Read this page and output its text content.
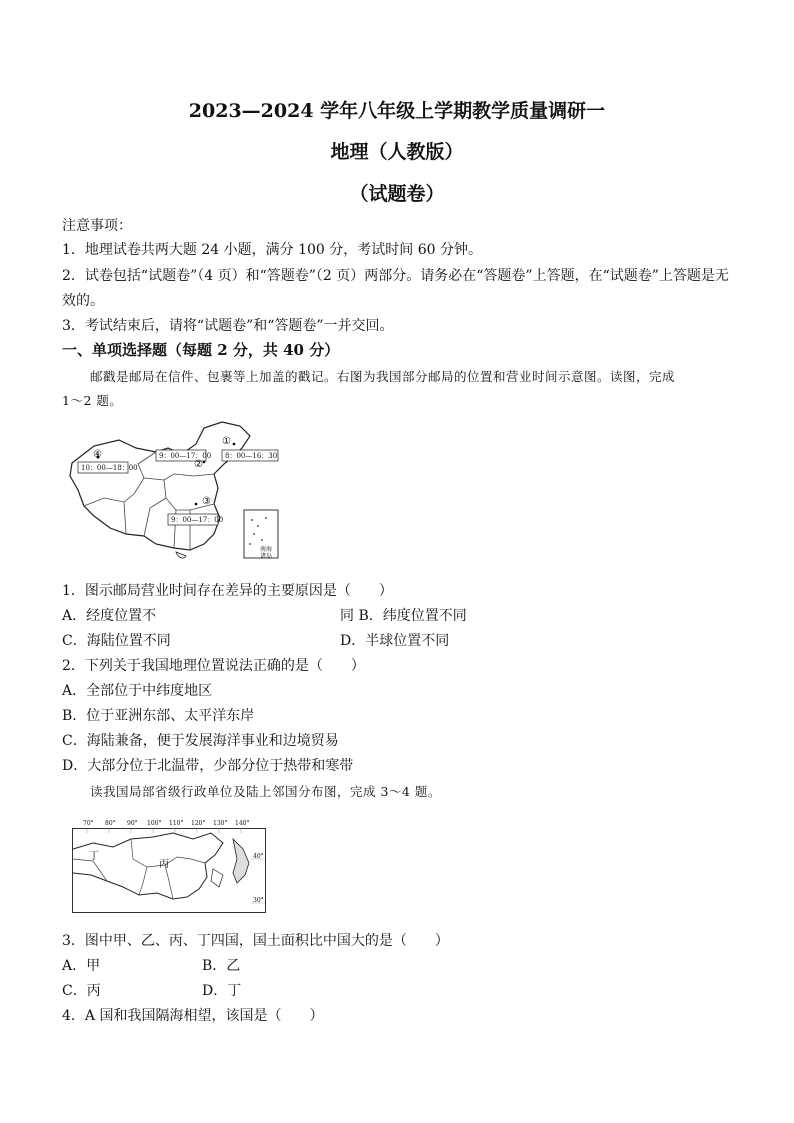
2023—2024 学年八年级上学期教学质量调研一
地理（人教版）
（试题卷）
注意事项：
1．地理试卷共两大题 24 小题，满分 100 分，考试时间 60 分钟。
2．试卷包括“试题卷”（4 页）和“答题卷”（2 页）两部分。请务必在“答题卷”上答题，在“试题卷”上答题是无
效的。
3．考试结束后，请将“试题卷”和“答题卷”一并交回。
一、单项选择题（每题 2 分，共 40 分）
邮戳是邮局在信件、包裹等上加盖的戳记。右图为我国部分邮局的位置和营业时间示意图。读图，完成
1～2 题。
④
①
②
③
9：00—17：00 8：00—16：30
10：00—18：00
9：00—17：00
南海诸岛
1．图示邮局营业时间存在差异的主要原因是（　　）
A．经度位置不	同 B．纬度位置不同
C．海陆位置不同	D．半球位置不同
2．下列关于我国地理位置说法正确的是（　　）
A．全部位于中纬度地区
B．位于亚洲东部、太平洋东岸
C．海陆兼备，便于发展海洋事业和边境贸易
D．大部分位于北温带，少部分位于热带和寒带
读我国局部省级行政单位及陆上邻国分布图，完成 3～4 题。
70° 80° 90° 100° 110° 120° 130° 140°
40°
30°
丁
丙
3．图中甲、乙、丙、丁四国，国土面积比中国大的是（　　）
A．甲	B．乙
C．丙	D．丁
4．A 国和我国隔海相望，该国是（　　）
